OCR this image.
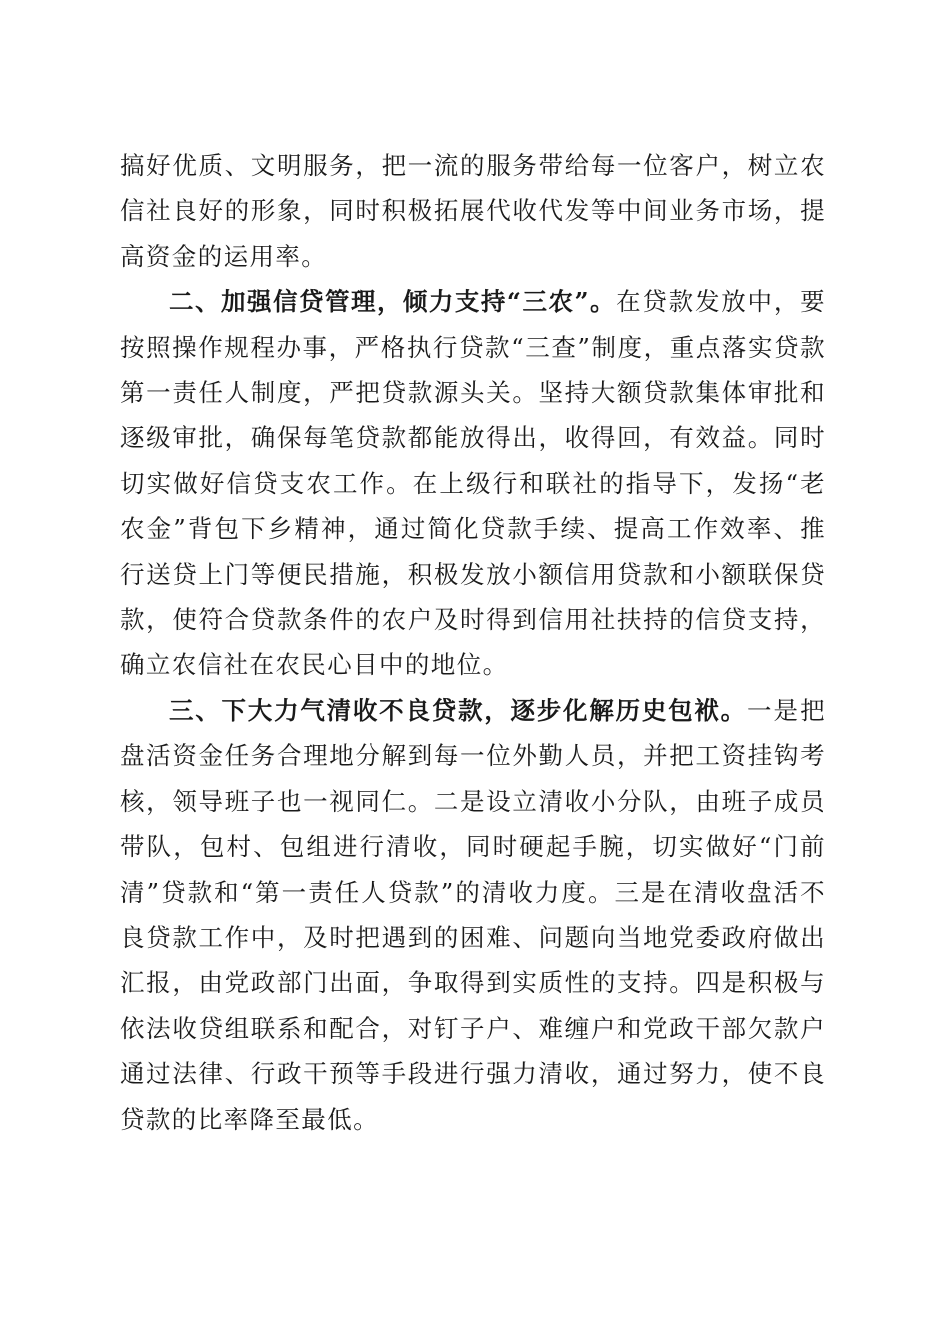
搞好优质、文明服务，把一流的服务带给每一位客户，树立农信社良好的形象，同时积极拓展代收代发等中间业务市场，提高资金的运用率。

二、加强信贷管理，倾力支持“三农”。在贷款发放中，要按照操作规程办事，严格执行贷款“三查”制度，重点落实贷款第一责任人制度，严把贷款源头关。坚持大额贷款集体审批和逐级审批，确保每笔贷款都能放得出，收得回，有效益。同时切实做好信贷支农工作。在上级行和联社的指导下，发扬“老农金”背包下乡精神，通过简化贷款手续、提高工作效率、推行送贷上门等便民措施，积极发放小额信用贷款和小额联保贷款，使符合贷款条件的农户及时得到信用社扶持的信贷支持，确立农信社在农民心目中的地位。

三、下大力气清收不良贷款，逐步化解历史包袱。一是把盘活资金任务合理地分解到每一位外勤人员，并把工资挂钩考核，领导班子也一视同仁。二是设立清收小分队，由班子成员带队，包村、包组进行清收，同时硬起手腕，切实做好“门前清”贷款和“第一责任人贷款”的清收力度。三是在清收盘活不良贷款工作中，及时把遇到的困难、问题向当地党委政府做出汇报，由党政部门出面，争取得到实质性的支持。四是积极与依法收贷组联系和配合，对钉子户、难缠户和党政干部欠款户通过法律、行政干预等手段进行强力清收，通过努力，使不良贷款的比率降至最低。
